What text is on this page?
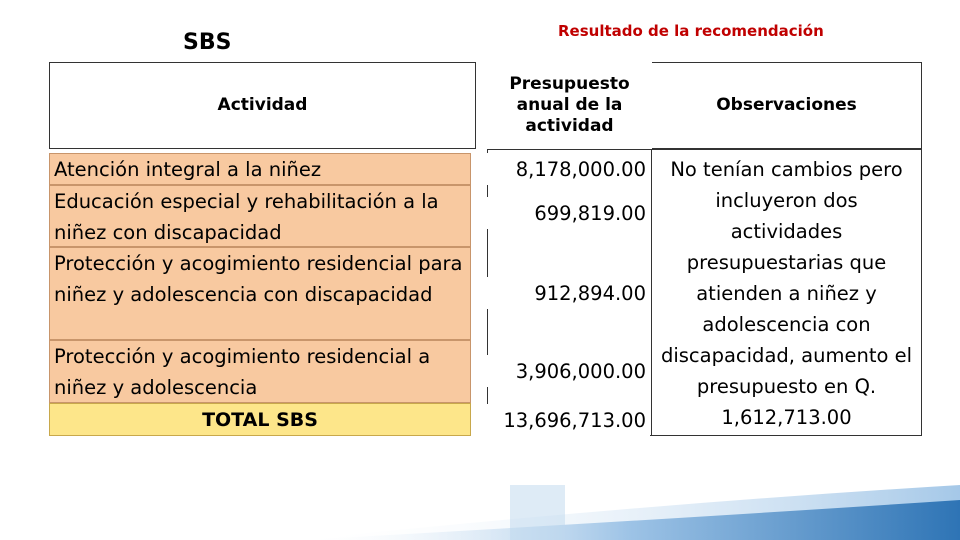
SBS	Resultado de la recomendación
Actividad
Presupuesto anual de la actividad
Observaciones
Atención integral a la niñez
Educación especial y rehabilitación a la niñez con discapacidad
Protección y acogimiento residencial para niñez y adolescencia con discapacidad
Protección y acogimiento residencial a niñez y adolescencia
TOTAL SBS
8,178,000.00
699,819.00
912,894.00
3,906,000.00
13,696,713.00
No tenían cambios pero incluyeron dos actividades presupuestarias que atienden a niñez y adolescencia con discapacidad, aumento el presupuesto en Q. 1,612,713.00
